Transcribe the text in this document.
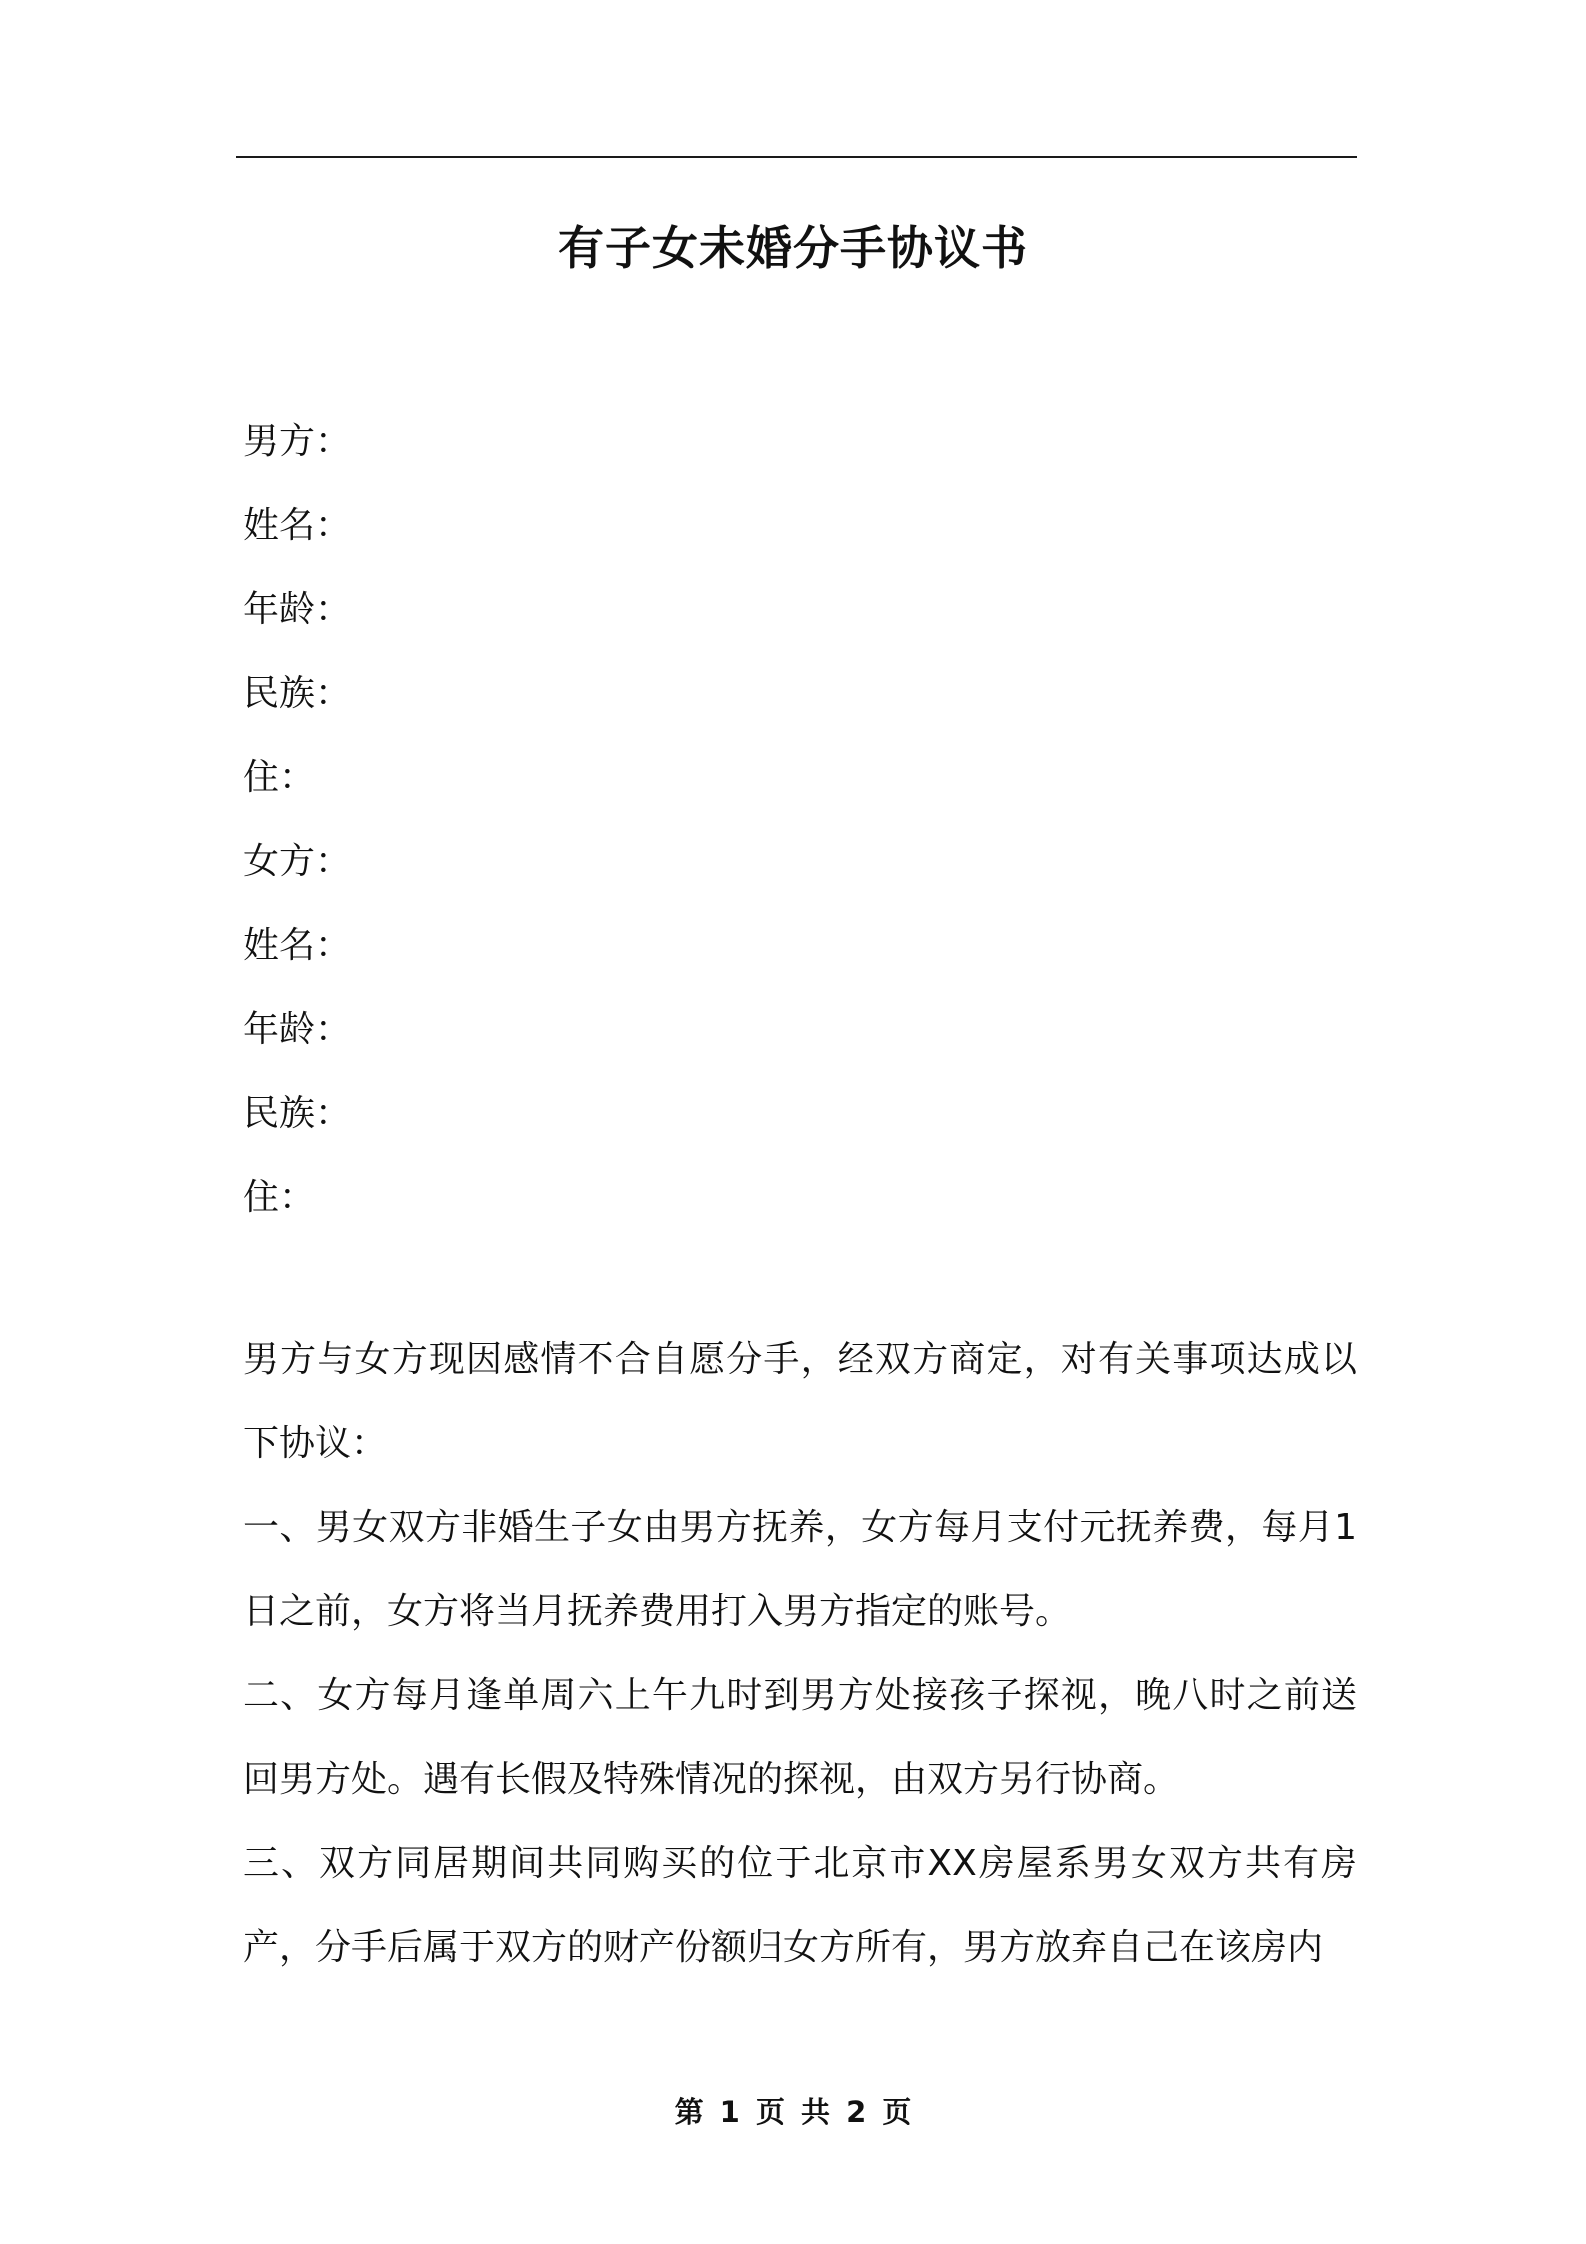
有子女未婚分手协议书
男方：
姓名：
年龄：
民族：
住：
女方：
姓名：
年龄：
民族：
住：

男方与女方现因感情不合自愿分手，经双方商定，对有关事项达成以下协议：

一、男女双方非婚生子女由男方抚养，女方每月支付元抚养费，每月1日之前，女方将当月抚养费用打入男方指定的账号。

二、女方每月逢单周六上午九时到男方处接孩子探视，晚八时之前送回男方处。遇有长假及特殊情况的探视，由双方另行协商。

三、双方同居期间共同购买的位于北京市XX房屋系男女双方共有房产，分手后属于双方的财产份额归女方所有，男方放弃自己在该房内

第 1 页 共 2 页
